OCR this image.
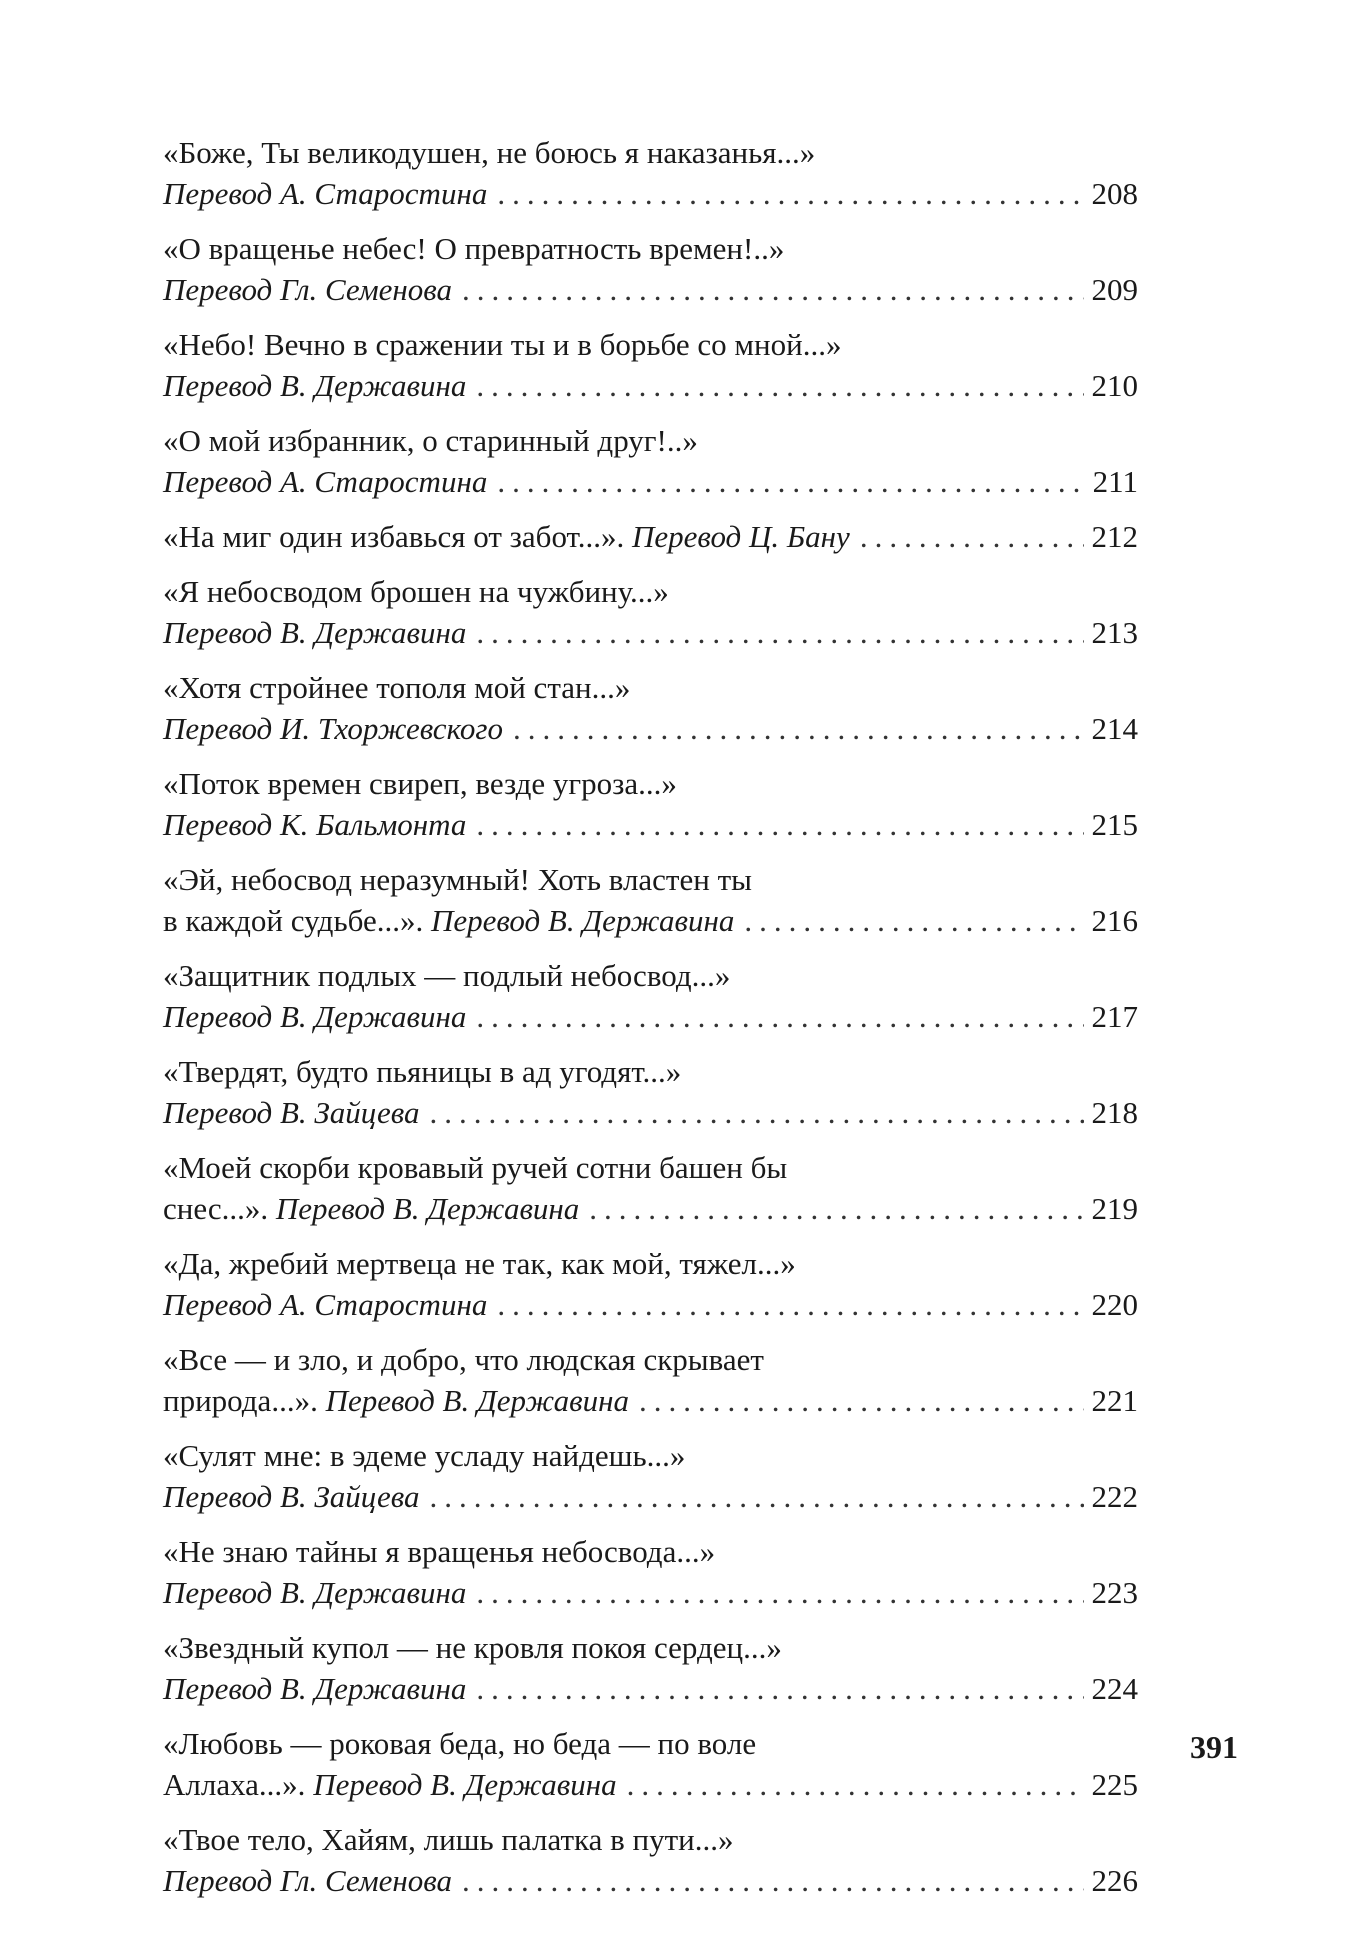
«Боже, Ты великодушен, не боюсь я наказанья...»
Перевод А. Старостина .....	208
«О вращенье небес! О превратность времен!..»
Перевод Гл. Семенова .....	209
«Небо! Вечно в сражении ты и в борьбе со мной...»
Перевод В. Державина .....	210
«О мой избранник, о старинный друг!..»
Перевод А. Старостина .....	211
«На миг один избавься от забот...». Перевод Ц. Бану .....	212
«Я небосводом брошен на чужбину...»
Перевод В. Державина .....	213
«Хотя стройнее тополя мой стан...»
Перевод И. Тхоржевского .....	214
«Поток времен свиреп, везде угроза...»
Перевод К. Бальмонта .....	215
«Эй, небосвод неразумный! Хоть властен ты
в каждой судьбе...». Перевод В. Державина .....	216
«Защитник подлых — подлый небосвод...»
Перевод В. Державина .....	217
«Твердят, будто пьяницы в ад угодят...»
Перевод В. Зайцева .....	218
«Моей скорби кровавый ручей сотни башен бы
снес...». Перевод В. Державина .....	219
«Да, жребий мертвеца не так, как мой, тяжел...»
Перевод А. Старостина .....	220
«Все — и зло, и добро, что людская скрывает
природа...». Перевод В. Державина .....	221
«Сулят мне: в эдеме усладу найдешь...»
Перевод В. Зайцева .....	222
«Не знаю тайны я вращенья небосвода...»
Перевод В. Державина .....	223
«Звездный купол — не кровля покоя сердец...»
Перевод В. Державина .....	224
«Любовь — роковая беда, но беда — по воле
Аллаха...». Перевод В. Державина .....	225
«Твое тело, Хайям, лишь палатка в пути...»
Перевод Гл. Семенова .....	226
391
